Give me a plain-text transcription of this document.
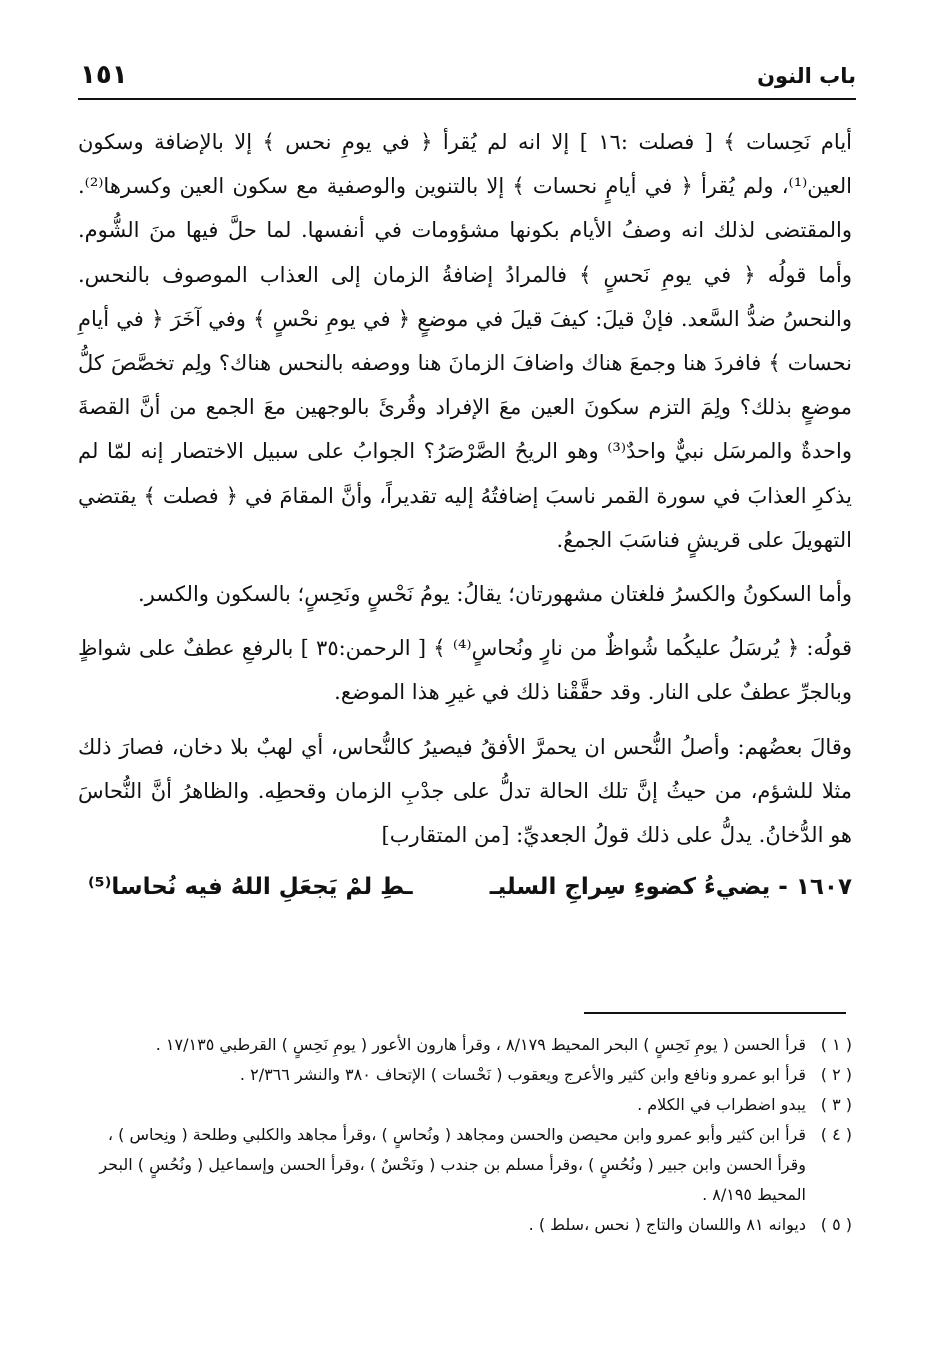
باب النون
١٥١

أيام نَحِسات ﴾ [ فصلت :١٦ ] إلا انه لم يُقرأ ﴿ في يومِ نحس ﴾ إلا بالإضافة وسكون العين⁽¹⁾، ولم يُقرأ ﴿ في أيامٍ نحسات ﴾ إلا بالتنوين والوصفية مع سكون العين وكسرها⁽²⁾. والمقتضى لذلك انه وصفُ الأيام بكونها مشؤومات في أنفسها. لما حلَّ فيها منَ الشُّوم. وأما قولُه ﴿ في يومِ نَحسٍ ﴾ فالمرادُ إضافةُ الزمان إلى العذاب الموصوف بالنحس. والنحسُ ضدُّ السَّعد. فإنْ قيلَ: كيفَ قيلَ في موضعٍ ﴿ في يومِ نحْسٍ ﴾ وفي آخَرَ ﴿ في أيامِ نحسات ﴾ فافردَ هنا وجمعَ هناك واضافَ الزمانَ هنا ووصفه بالنحس هناك؟ ولِم تخصَّصَ كلُّ موضعٍ بذلك؟ ولِمَ التزم سكونَ العين معَ الإفراد وقُرئَ بالوجهين معَ الجمع من أنَّ القصةَ واحدةٌ والمرسَل نبيٌّ واحدٌ⁽³⁾ وهو الريحُ الصَّرْصَرُ؟ الجوابُ على سبيل الاختصار إنه لمّا لم يذكرِ العذابَ في سورة القمر ناسبَ إضافتُهُ إليه تقديراً، وأنَّ المقامَ في ﴿ فصلت ﴾ يقتضي التهويلَ على قريشٍ فناسَبَ الجمعُ.

وأما السكونُ والكسرُ فلغتان مشهورتان؛ يقالُ: يومُ نَحْسٍ ونَحِسٍ؛ بالسكون والكسر.

قولُه: ﴿ يُرسَلُ عليكُما شُواظٌ من نارٍ ونُحاسٍ⁽⁴⁾ ﴾ [ الرحمن:٣٥ ] بالرفعِ عطفٌ على شواظٍ وبالجرِّ عطفٌ على النار. وقد حقَّقْنا ذلك في غيرِ هذا الموضع.

وقالَ بعضُهم: وأصلُ النُّحس ان يحمرَّ الأفقُ فيصيرُ كالنُّحاس، أي لهبٌ بلا دخان، فصارَ ذلك مثلا للشؤم، من حيثُ إنَّ تلك الحالة تدلُّ على جدْبِ الزمان وقحطِه. والظاهرُ أنَّ النُّحاسَ هو الدُّخانُ. يدلُّ على ذلك قولُ الجعديِّ: [من المتقارب]

١٦٠٧ - يضيءُ كضوءِ سِراجِ السليـ
ـطِ لمْ يَجعَلِ اللهُ فيه نُحاسا⁽⁵⁾
( ١ )
قرأ الحسن ( يومِ نَحِسٍ ) البحر المحيط ٨/١٧٩ ، وقرأ هارون الأعور ( يومِ نَحِسٍ ) القرطبي ١٧/١٣٥ .
( ٢ )
قرأ ابو عمرو ونافع وابن كثير والأعرج ويعقوب ( نَحْسات ) الإتحاف ٣٨٠ والنشر ٢/٣٦٦ .
( ٣ )
يبدو اضطراب في الكلام .
( ٤ )
قرأ ابن كثير وأبو عمرو وابن محيصن والحسن ومجاهد ( ونُحاسٍ ) ،وقرأ مجاهد والكلبي وطلحة ( ونِحاس ) ، وقرأ الحسن وابن جبير ( ونُحُسٍ ) ،وقرأ مسلم بن جندب ( ونَحْسٌ ) ،وقرأ الحسن وإسماعيل ( ونُحُسٍ ) البحر المحيط ٨/١٩٥ .
( ٥ )
ديوانه ٨١ واللسان والتاج ( نحس ،سلط ) .
